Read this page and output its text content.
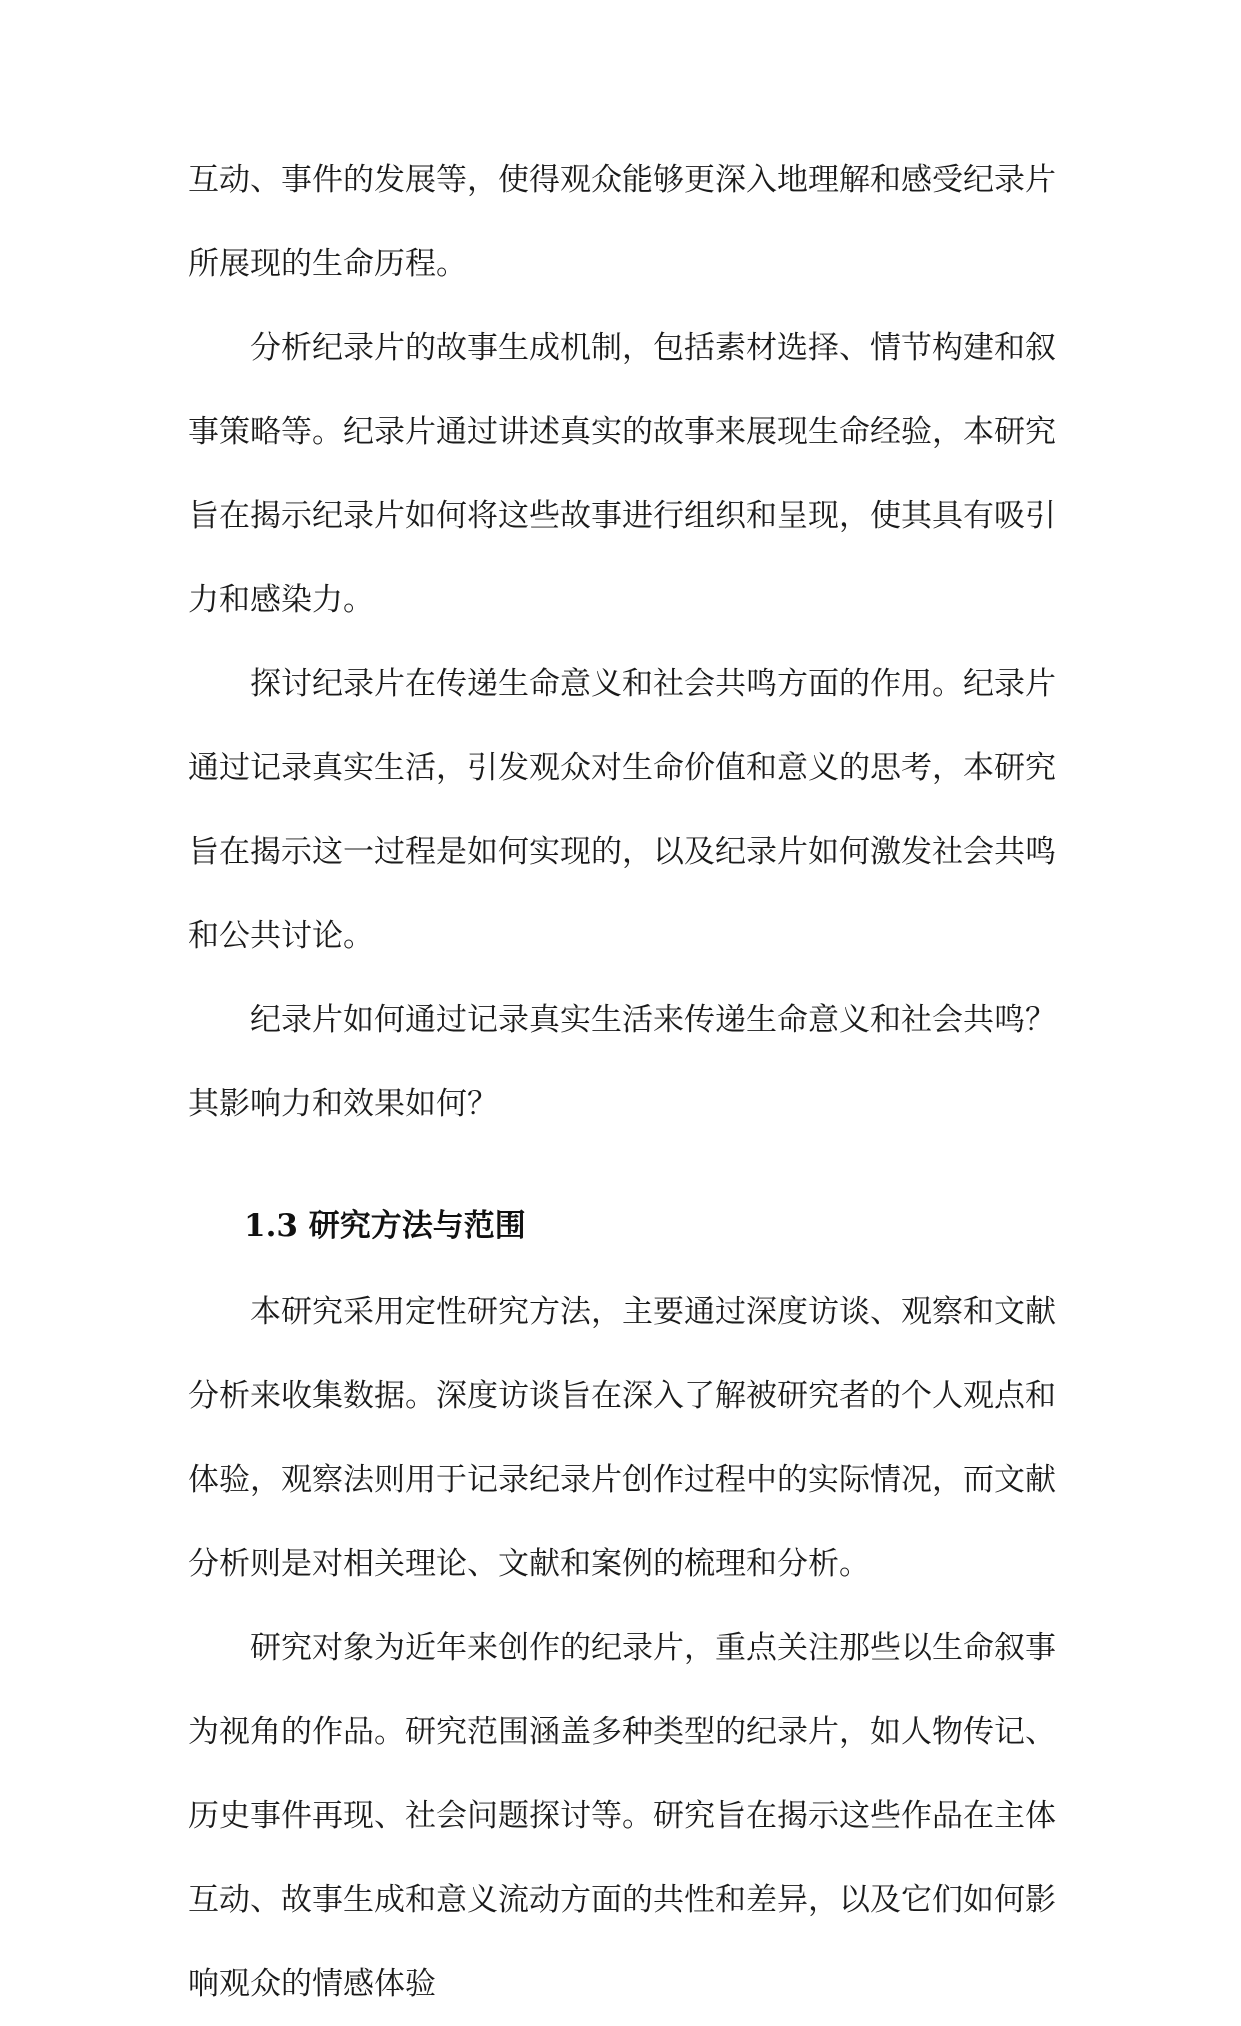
互动、事件的发展等，使得观众能够更深入地理解和感受纪录片所展现的生命历程。

分析纪录片的故事生成机制，包括素材选择、情节构建和叙事策略等。纪录片通过讲述真实的故事来展现生命经验，本研究旨在揭示纪录片如何将这些故事进行组织和呈现，使其具有吸引力和感染力。

探讨纪录片在传递生命意义和社会共鸣方面的作用。纪录片通过记录真实生活，引发观众对生命价值和意义的思考，本研究旨在揭示这一过程是如何实现的，以及纪录片如何激发社会共鸣和公共讨论。

纪录片如何通过记录真实生活来传递生命意义和社会共鸣？其影响力和效果如何？

1.3 研究方法与范围

本研究采用定性研究方法，主要通过深度访谈、观察和文献分析来收集数据。深度访谈旨在深入了解被研究者的个人观点和体验，观察法则用于记录纪录片创作过程中的实际情况，而文献分析则是对相关理论、文献和案例的梳理和分析。

研究对象为近年来创作的纪录片，重点关注那些以生命叙事为视角的作品。研究范围涵盖多种类型的纪录片，如人物传记、历史事件再现、社会问题探讨等。研究旨在揭示这些作品在主体互动、故事生成和意义流动方面的共性和差异，以及它们如何影响观众的情感体验
